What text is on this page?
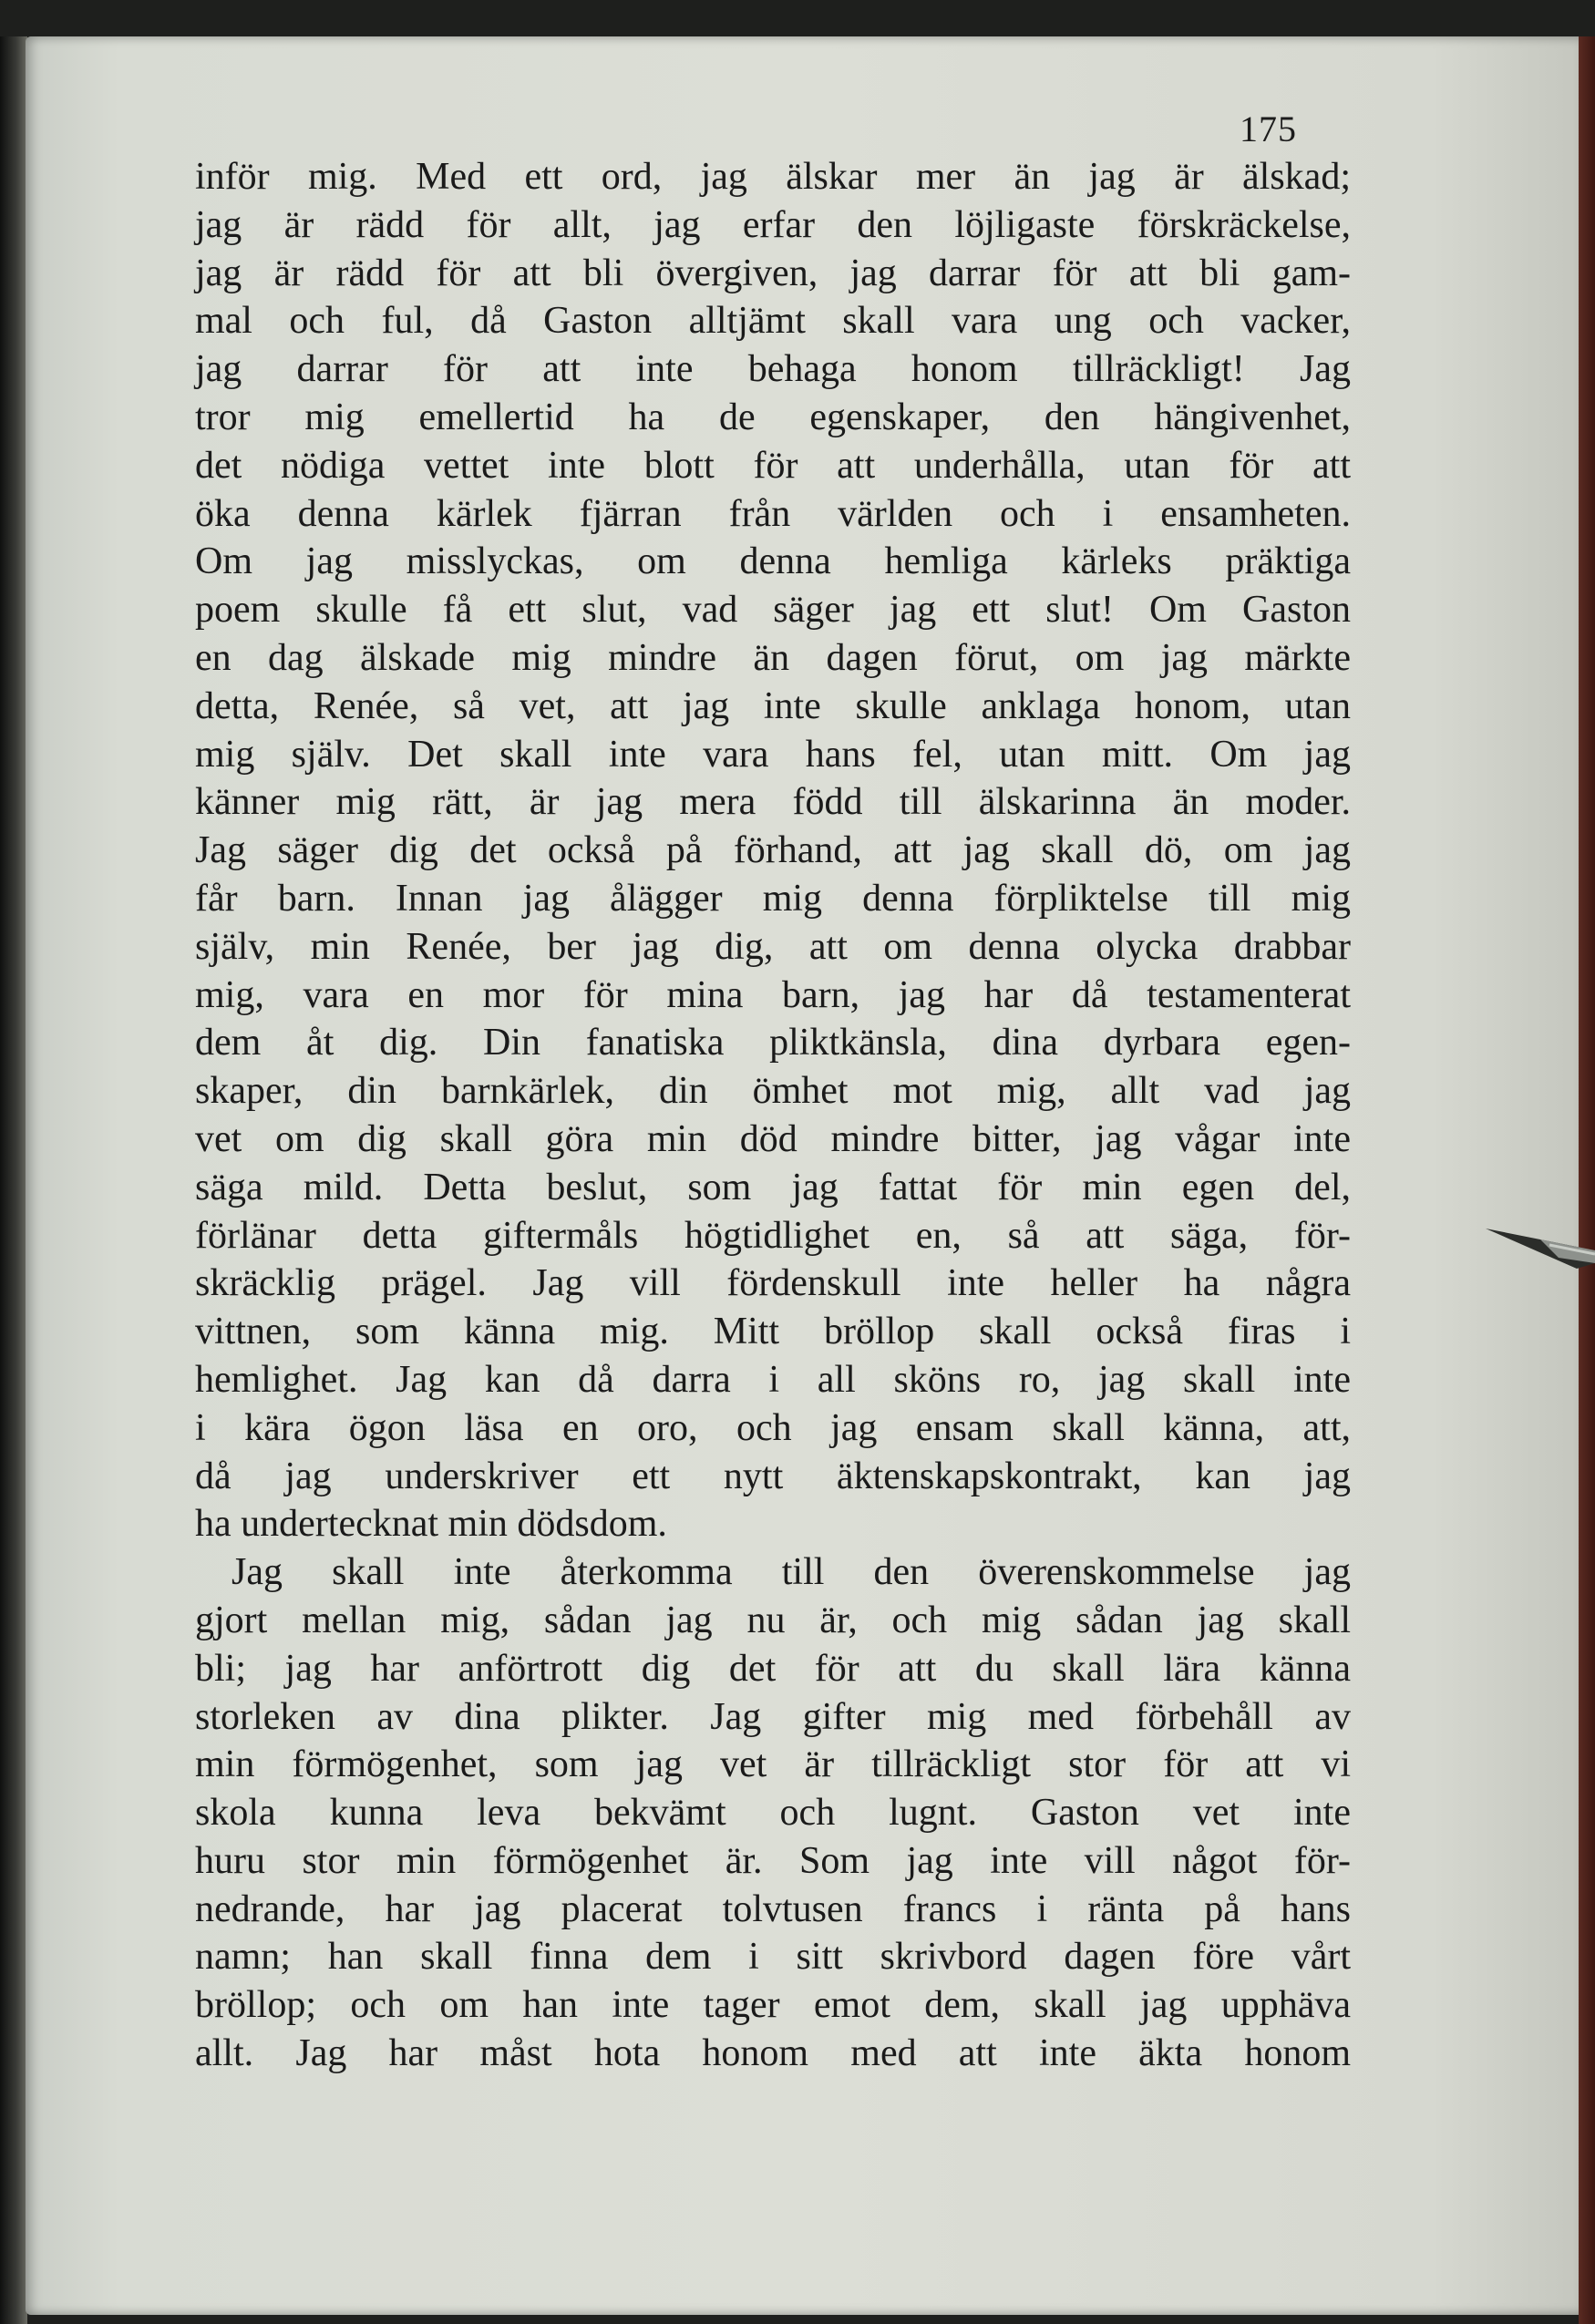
175
inför mig. Med ett ord, jag älskar mer än jag är älskad;
jag är rädd för allt, jag erfar den löjligaste förskräckelse,
jag är rädd för att bli övergiven, jag darrar för att bli gam-
mal och ful, då Gaston alltjämt skall vara ung och vacker,
jag darrar för att inte behaga honom tillräckligt! Jag
tror mig emellertid ha de egenskaper, den hängivenhet,
det nödiga vettet inte blott för att underhålla, utan för att
öka denna kärlek fjärran från världen och i ensamheten.
Om jag misslyckas, om denna hemliga kärleks präktiga
poem skulle få ett slut, vad säger jag ett slut! Om Gaston
en dag älskade mig mindre än dagen förut, om jag märkte
detta, Renée, så vet, att jag inte skulle anklaga honom, utan
mig själv. Det skall inte vara hans fel, utan mitt. Om jag
känner mig rätt, är jag mera född till älskarinna än moder.
Jag säger dig det också på förhand, att jag skall dö, om jag
får barn. Innan jag ålägger mig denna förpliktelse till mig
själv, min Renée, ber jag dig, att om denna olycka drabbar
mig, vara en mor för mina barn, jag har då testamenterat
dem åt dig. Din fanatiska pliktkänsla, dina dyrbara egen-
skaper, din barnkärlek, din ömhet mot mig, allt vad jag
vet om dig skall göra min död mindre bitter, jag vågar inte
säga mild. Detta beslut, som jag fattat för min egen del,
förlänar detta giftermåls högtidlighet en, så att säga, för-
skräcklig prägel. Jag vill fördenskull inte heller ha några
vittnen, som känna mig. Mitt bröllop skall också firas i
hemlighet. Jag kan då darra i all sköns ro, jag skall inte
i kära ögon läsa en oro, och jag ensam skall känna, att,
då jag underskriver ett nytt äktenskapskontrakt, kan jag
ha undertecknat min dödsdom.
Jag skall inte återkomma till den överenskommelse jag
gjort mellan mig, sådan jag nu är, och mig sådan jag skall
bli; jag har anförtrott dig det för att du skall lära känna
storleken av dina plikter. Jag gifter mig med förbehåll av
min förmögenhet, som jag vet är tillräckligt stor för att vi
skola kunna leva bekvämt och lugnt. Gaston vet inte
huru stor min förmögenhet är. Som jag inte vill något för-
nedrande, har jag placerat tolvtusen francs i ränta på hans
namn; han skall finna dem i sitt skrivbord dagen före vårt
bröllop; och om han inte tager emot dem, skall jag upphäva
allt. Jag har måst hota honom med att inte äkta honom
